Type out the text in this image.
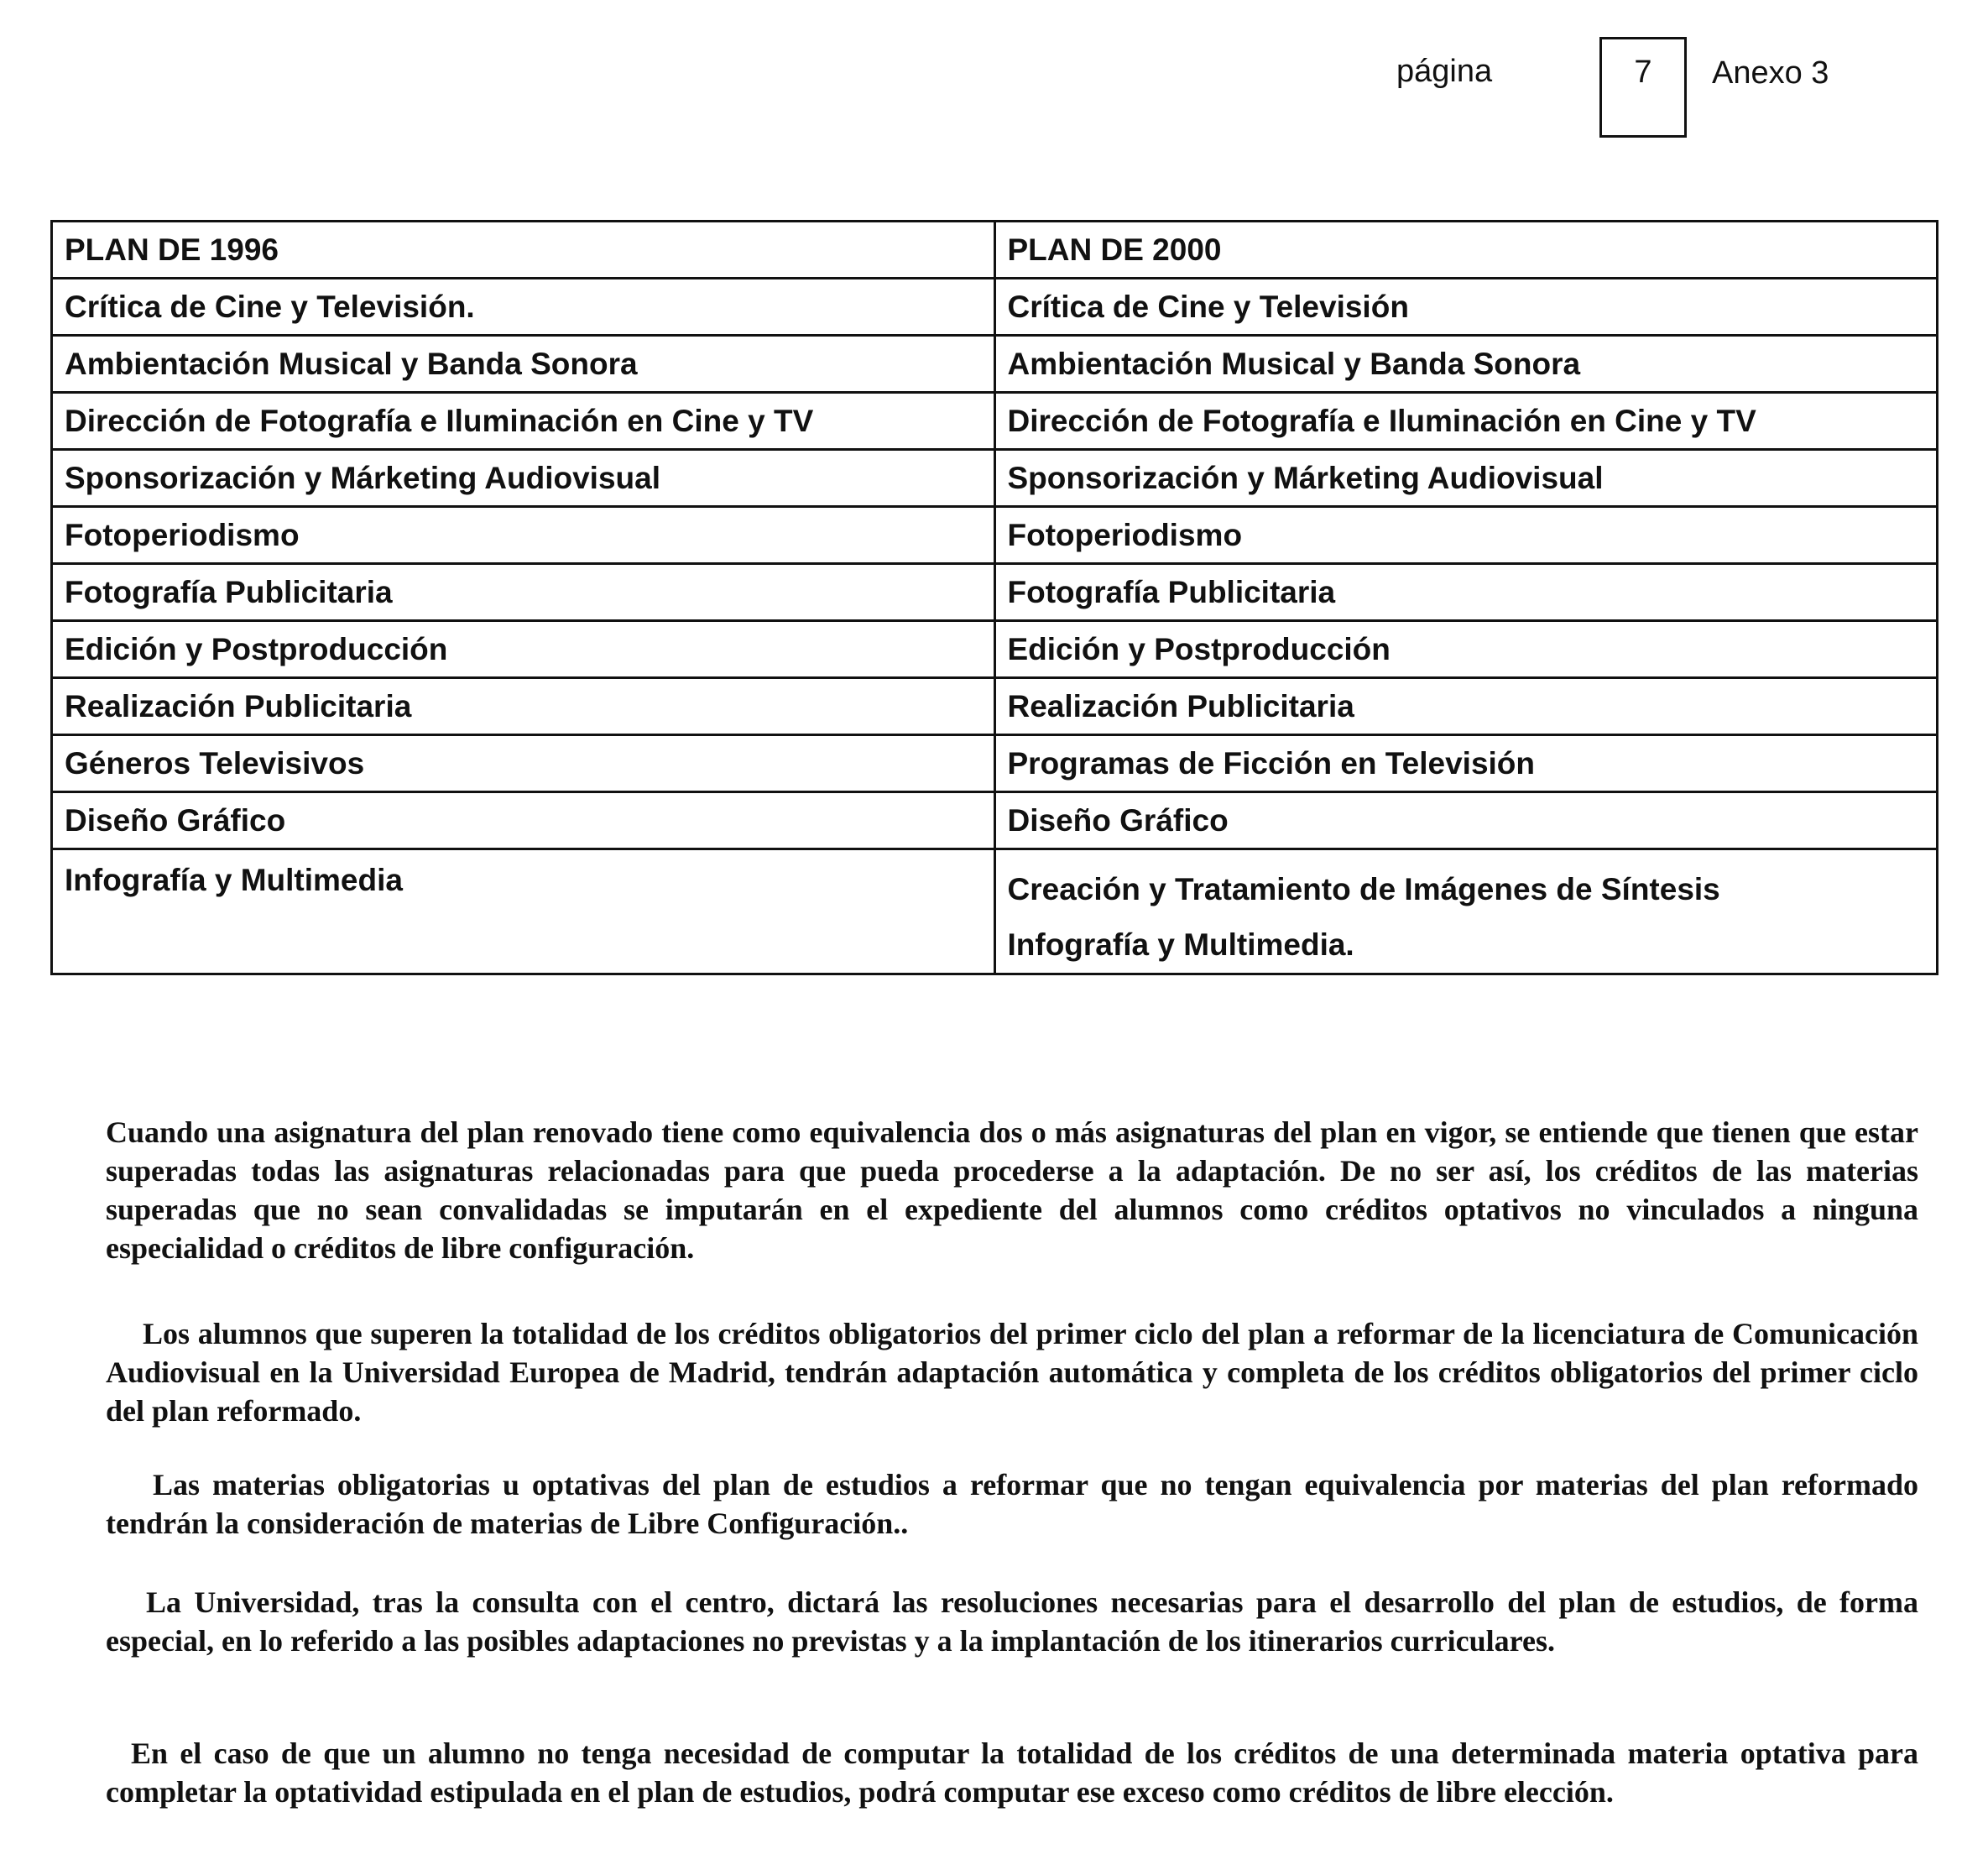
página	7	Anexo 3
PLAN DE 1996	PLAN DE 2000
Crítica de Cine y Televisión.	Crítica de Cine y Televisión
Ambientación Musical y Banda Sonora	Ambientación Musical y Banda Sonora
Dirección de Fotografía e Iluminación en Cine y TV	Dirección de Fotografía e Iluminación en Cine y TV
Sponsorización y Márketing Audiovisual	Sponsorización y Márketing Audiovisual
Fotoperiodismo	Fotoperiodismo
Fotografía Publicitaria	Fotografía Publicitaria
Edición y Postproducción	Edición y Postproducción
Realización Publicitaria	Realización Publicitaria
Géneros Televisivos	Programas de Ficción en Televisión
Diseño Gráfico	Diseño Gráfico

Infografía y Multimedia	Creación y Tratamiento de Imágenes de Síntesis
Infografía y Multimedia.

Cuando una asignatura del plan renovado tiene como equivalencia dos o más asignaturas del plan en vigor, se entiende que tienen que estar superadas todas las asignaturas relacionadas para que pueda procederse a la adaptación. De no ser así, los créditos de las materias superadas que no sean convalidadas se imputarán en el expediente del alumnos como créditos optativos no vinculados a ninguna especialidad o créditos de libre configuración.

Los alumnos que superen la totalidad de los créditos obligatorios del primer ciclo del plan a reformar de la licenciatura de Comunicación Audiovisual en la Universidad Europea de Madrid, tendrán adaptación automática y completa de los créditos obligatorios del primer ciclo del plan reformado.

Las materias obligatorias u optativas del plan de estudios a reformar que no tengan equivalencia por materias del plan reformado tendrán la consideración de materias de Libre Configuración..

La Universidad, tras la consulta con el centro, dictará las resoluciones necesarias para el desarrollo del plan de estudios, de forma especial, en lo referido a las posibles adaptaciones no previstas y a la implantación de los itinerarios curriculares.

En el caso de que un alumno no tenga necesidad de computar la totalidad de los créditos de una determinada materia optativa para completar la optatividad estipulada en el plan de estudios, podrá computar ese exceso como créditos de libre elección.
